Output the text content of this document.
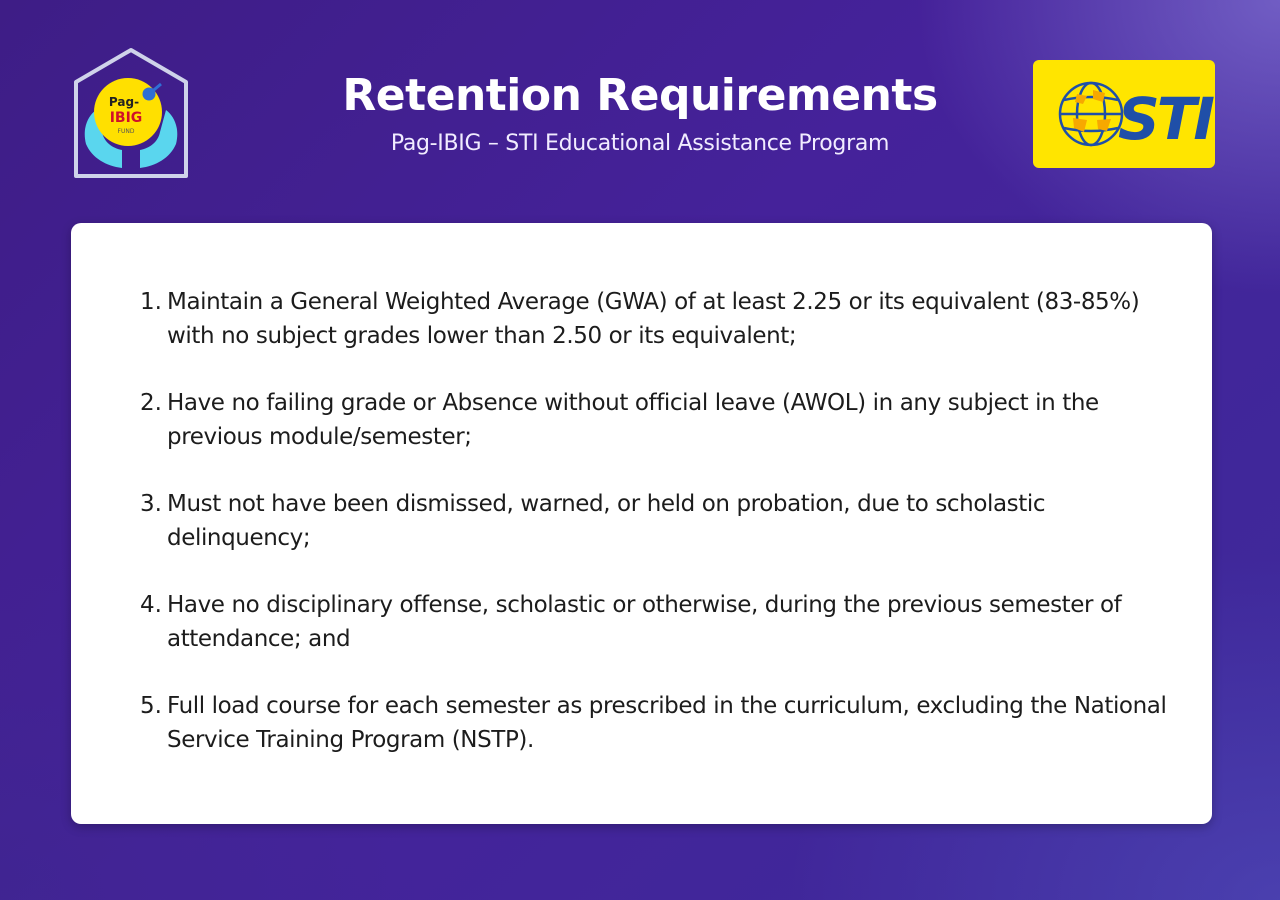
Pag-
IBIG
FUND
Retention Requirements
Pag-IBIG – STI Educational Assistance Program	STI
1. Maintain a General Weighted Average (GWA) of at least 2.25 or its equivalent (83-85%) with no subject grades lower than 2.50 or its equivalent;
2. Have no failing grade or Absence without official leave (AWOL) in any subject in the previous module/semester;
3. Must not have been dismissed, warned, or held on probation, due to scholastic delinquency;
4. Have no disciplinary offense, scholastic or otherwise, during the previous semester of attendance; and
5. Full load course for each semester as prescribed in the curriculum, excluding the National Service Training Program (NSTP).
